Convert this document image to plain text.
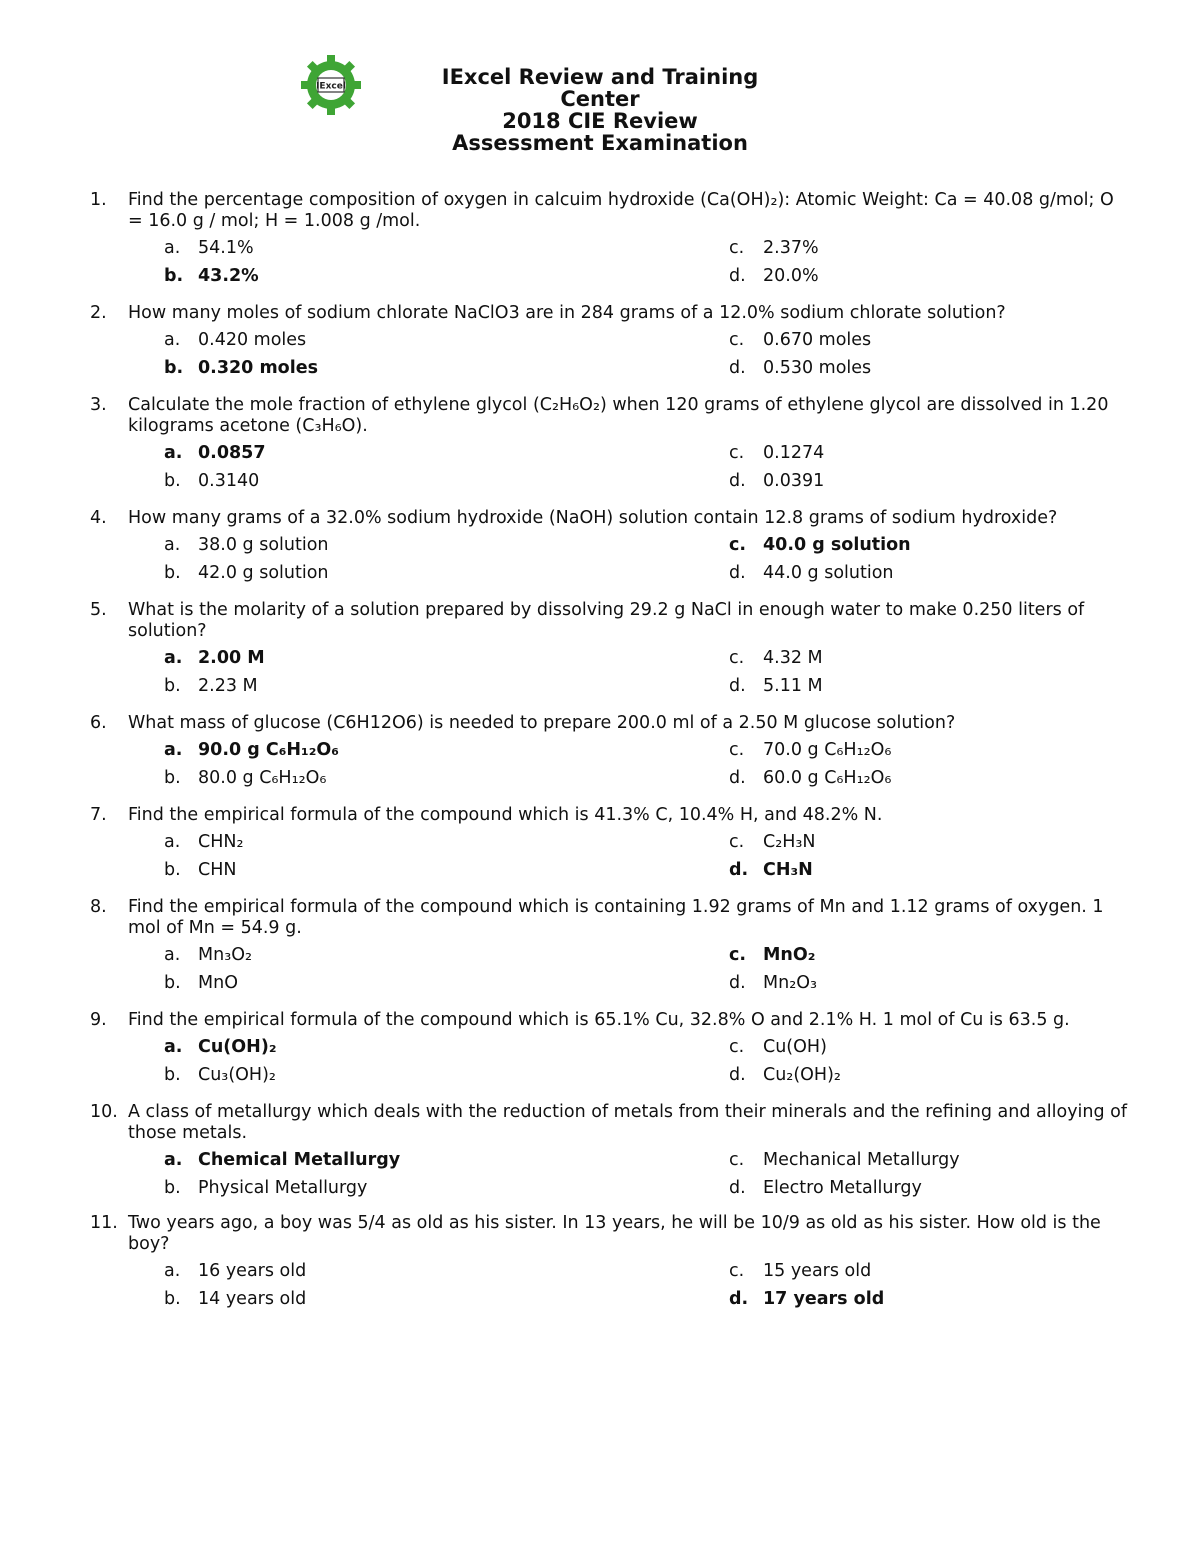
IExcel	IExcel Review and Training Center
2018 CIE Review
Assessment Examination
1.	Find the percentage composition of oxygen in calcuim hydroxide (Ca(OH)₂): Atomic Weight: Ca = 40.08 g/mol; O = 16.0 g / mol; H = 1.008 g /mol.
a. 54.1%	c. 2.37%
b. 43.2%	d. 20.0%
2.	How many moles of sodium chlorate NaClO3 are in 284 grams of a 12.0% sodium chlorate solution?
a. 0.420 moles	c. 0.670 moles
b. 0.320 moles	d. 0.530 moles
3.	Calculate the mole fraction of ethylene glycol (C₂H₆O₂) when 120 grams of ethylene glycol are dissolved in 1.20 kilograms acetone (C₃H₆O).
a. 0.0857	c. 0.1274
b. 0.3140	d. 0.0391
4.	How many grams of a 32.0% sodium hydroxide (NaOH) solution contain 12.8 grams of sodium hydroxide?
a. 38.0 g solution	c. 40.0 g solution
b. 42.0 g solution	d. 44.0 g solution
5.	What is the molarity of a solution prepared by dissolving 29.2 g NaCl in enough water to make 0.250 liters of solution?
a. 2.00 M	c. 4.32 M
b. 2.23 M	d. 5.11 M
6.	What mass of glucose (C6H12O6) is needed to prepare 200.0 ml of a 2.50 M glucose solution?
a. 90.0 g C₆H₁₂O₆	c. 70.0 g C₆H₁₂O₆
b. 80.0 g C₆H₁₂O₆	d. 60.0 g C₆H₁₂O₆
7.	Find the empirical formula of the compound which is 41.3% C, 10.4% H, and 48.2% N.
a. CHN₂	c. C₂H₃N
b. CHN	d. CH₃N
8.	Find the empirical formula of the compound which is containing 1.92 grams of Mn and 1.12 grams of oxygen. 1 mol of Mn = 54.9 g.
a. Mn₃O₂	c. MnO₂
b. MnO	d. Mn₂O₃
9.	Find the empirical formula of the compound which is 65.1% Cu, 32.8% O and 2.1% H. 1 mol of Cu is 63.5 g.
a. Cu(OH)₂	c. Cu(OH)
b. Cu₃(OH)₂	d. Cu₂(OH)₂
10. A class of metallurgy which deals with the reduction of metals from their minerals and the refining and alloying of those metals.
a. Chemical Metallurgy	c. Mechanical Metallurgy
b. Physical Metallurgy	d. Electro Metallurgy
11. Two years ago, a boy was 5/4 as old as his sister. In 13 years, he will be 10/9 as old as his sister. How old is the boy?
a. 16 years old	c. 15 years old
b. 14 years old	d. 17 years old
